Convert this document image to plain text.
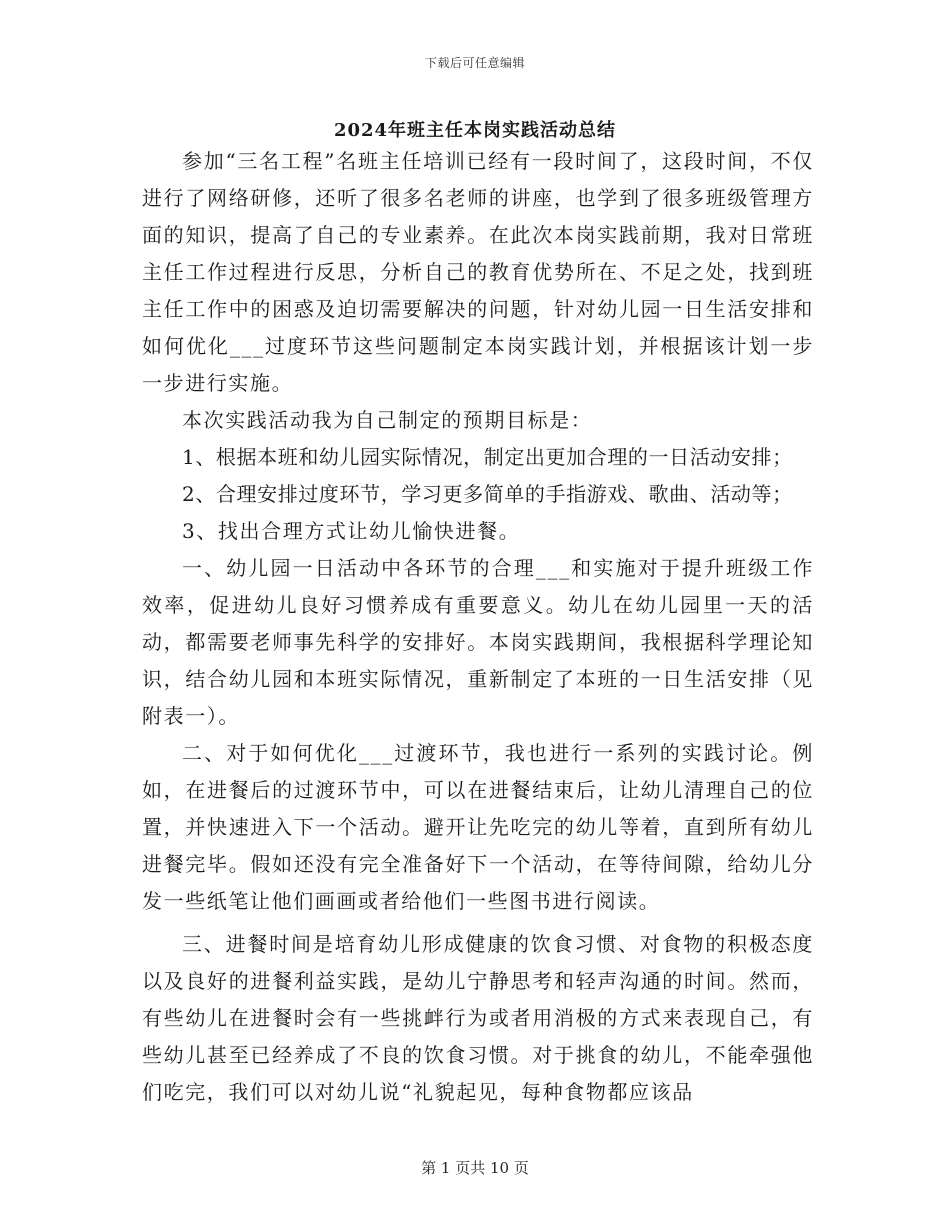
下载后可任意编辑
2024年班主任本岗实践活动总结

参加“三名工程”名班主任培训已经有一段时间了，这段时间，不仅进行了网络研修，还听了很多名老师的讲座，也学到了很多班级管理方面的知识，提高了自己的专业素养。在此次本岗实践前期，我对日常班主任工作过程进行反思，分析自己的教育优势所在、不足之处，找到班主任工作中的困惑及迫切需要解决的问题，针对幼儿园一日生活安排和如何优化___过度环节这些问题制定本岗实践计划，并根据该计划一步一步进行实施。

本次实践活动我为自己制定的预期目标是：

1、根据本班和幼儿园实际情况，制定出更加合理的一日活动安排；

2、合理安排过度环节，学习更多简单的手指游戏、歌曲、活动等；

3、找出合理方式让幼儿愉快进餐。

一、幼儿园一日活动中各环节的合理___和实施对于提升班级工作效率，促进幼儿良好习惯养成有重要意义。幼儿在幼儿园里一天的活动，都需要老师事先科学的安排好。本岗实践期间，我根据科学理论知识，结合幼儿园和本班实际情况，重新制定了本班的一日生活安排（见附表一）。

二、对于如何优化___过渡环节，我也进行一系列的实践讨论。例如，在进餐后的过渡环节中，可以在进餐结束后，让幼儿清理自己的位置，并快速进入下一个活动。避开让先吃完的幼儿等着，直到所有幼儿进餐完毕。假如还没有完全准备好下一个活动，在等待间隙，给幼儿分发一些纸笔让他们画画或者给他们一些图书进行阅读。

三、进餐时间是培育幼儿形成健康的饮食习惯、对食物的积极态度以及良好的进餐利益实践，是幼儿宁静思考和轻声沟通的时间。然而，有些幼儿在进餐时会有一些挑衅行为或者用消极的方式来表现自己，有些幼儿甚至已经养成了不良的饮食习惯。对于挑食的幼儿，不能牵强他们吃完，我们可以对幼儿说“礼貌起见，每种食物都应该品

第 1 页共 10 页
